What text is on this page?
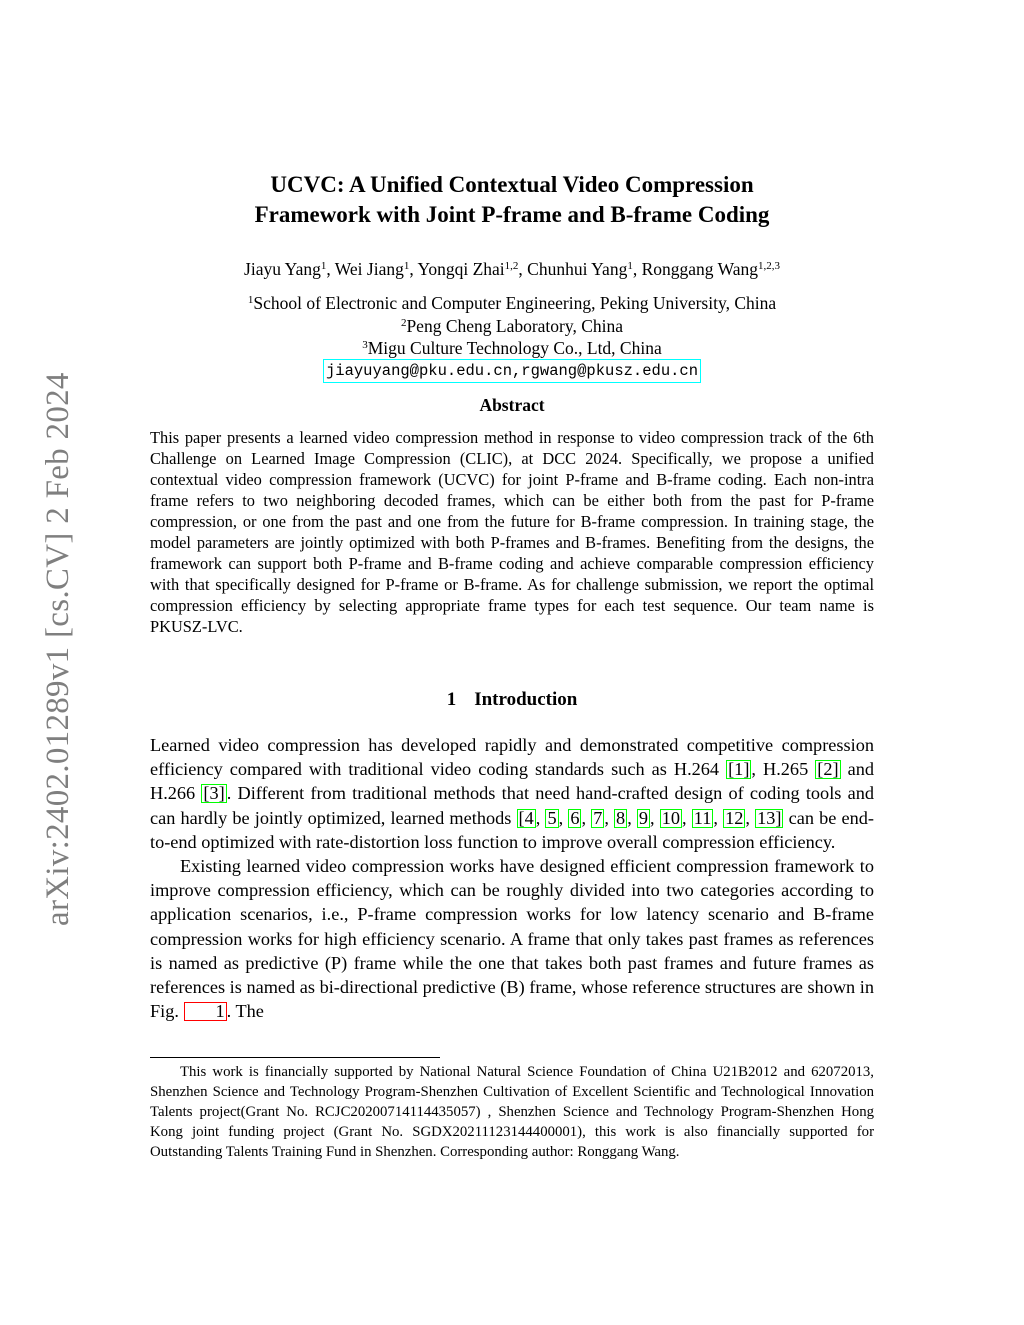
arXiv:2402.01289v1 [cs.CV] 2 Feb 2024
UCVC: A Unified Contextual Video Compression
Framework with Joint P-frame and B-frame Coding
Jiayu Yang$^1$, Wei Jiang$^1$, Yongqi Zhai$^{1,2}$, Chunhui Yang$^1$, Ronggang Wang$^{1,2,3}$
$^1$School of Electronic and Computer Engineering, Peking University, China
$^2$Peng Cheng Laboratory, China
$^3$Migu Culture Technology Co., Ltd, China
jiayuyang@pku.edu.cn,rgwang@pkusz.edu.cn
Abstract
This paper presents a learned video compression method in response to video compression track of the 6th Challenge on Learned Image Compression (CLIC), at DCC 2024. Specifically, we propose a unified contextual video compression framework (UCVC) for joint P-frame and B-frame coding. Each non-intra frame refers to two neighboring decoded frames, which can be either both from the past for P-frame compression, or one from the past and one from the future for B-frame compression. In training stage, the model parameters are jointly optimized with both P-frames and B-frames. Benefiting from the designs, the framework can support both P-frame and B-frame coding and achieve comparable compression efficiency with that specifically designed for P-frame or B-frame. As for challenge submission, we report the optimal compression efficiency by selecting appropriate frame types for each test sequence. Our team name is PKUSZ-LVC.
1 Introduction

Learned video compression has developed rapidly and demonstrated competitive compression efficiency compared with traditional video coding standards such as H.264 [1] , H.265 [2] and H.266 [3] . Different from traditional methods that need hand-crafted design of coding tools and can hardly be jointly optimized, learned methods [4 , 5 , 6 , 7 , 8 , 9 , 10 , 11 , 12 , 13] can be end-to-end optimized with rate-distortion loss function to improve overall compression efficiency.

Existing learned video compression works have designed efficient compression framework to improve compression efficiency, which can be roughly divided into two categories according to application scenarios, i.e., P-frame compression works for low latency scenario and B-frame compression works for high efficiency scenario. A frame that only takes past frames as references is named as predictive (P) frame while the one that takes both past frames and future frames as references is named as bi-directional predictive (B) frame, whose reference structures are shown in Fig. 1 . The

This work is financially supported by National Natural Science Foundation of China U21B2012 and 62072013, Shenzhen Science and Technology Program-Shenzhen Cultivation of Excellent Scientific and Technological Innovation Talents project(Grant No. RCJC20200714114435057) , Shenzhen Science and Technology Program-Shenzhen Hong Kong joint funding project (Grant No. SGDX20211123144400001), this work is also financially supported for Outstanding Talents Training Fund in Shenzhen. Corresponding author: Ronggang Wang.
